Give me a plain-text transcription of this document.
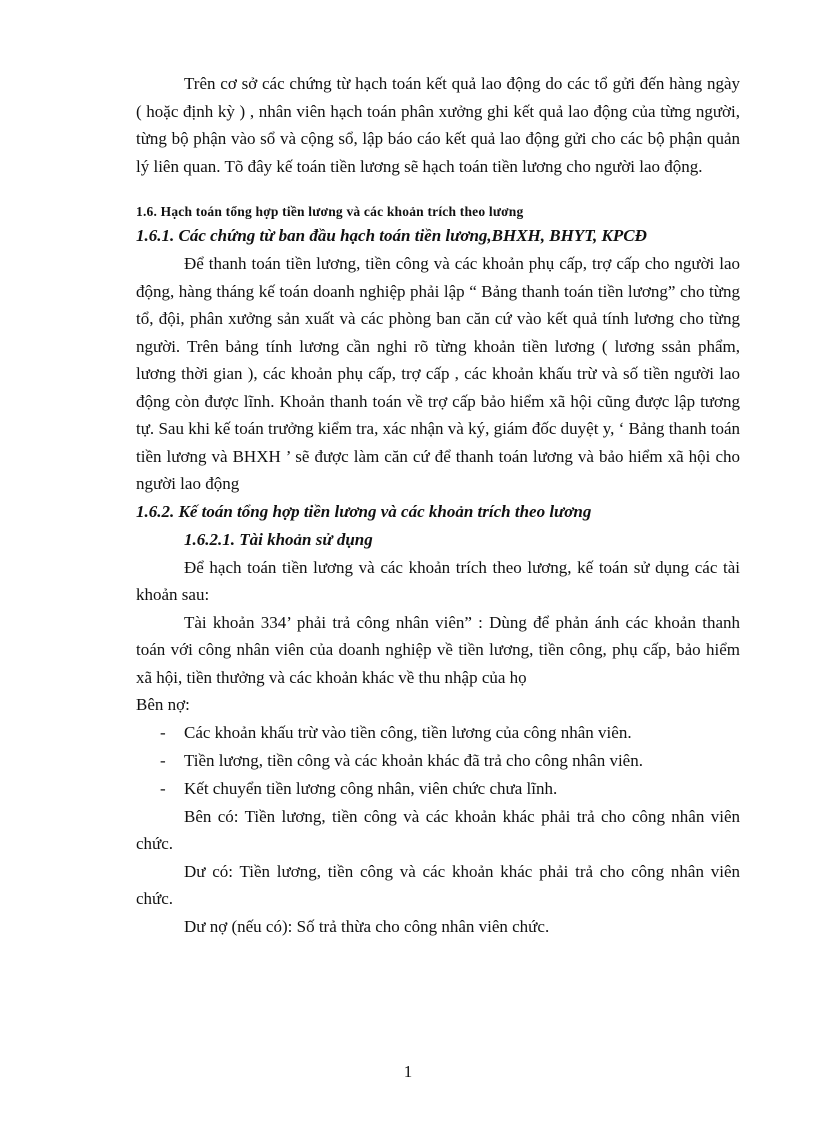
Trên cơ sở các chứng từ hạch toán kết quả lao động do các tổ gửi đến hàng ngày ( hoặc định kỳ ) , nhân viên hạch toán phân xưởng ghi kết quả lao động của từng người, từng bộ phận vào sổ và cộng sổ, lập báo cáo kết quả lao động gửi cho các bộ phận quản lý liên quan. Tõ đây kế toán tiền lương sẽ hạch toán tiền lương cho người lao động.

1.6. Hạch toán tổng hợp tiền lương và các khoản trích theo lương

1.6.1. Các chứng từ ban đầu hạch toán tiền lương,BHXH, BHYT, KPCĐ

Để thanh toán tiền lương, tiền công và các khoản phụ cấp, trợ cấp cho người lao động, hàng tháng kế toán doanh nghiệp phải lập “ Bảng thanh toán tiền lương” cho từng tổ, đội, phân xưởng sản xuất và các phòng ban căn cứ vào kết quả tính lương cho từng người. Trên bảng tính lương cần nghi rõ từng khoản tiền lương ( lương ssản phẩm, lương thời gian ), các khoản phụ cấp, trợ cấp , các khoản khấu trừ và số tiền người lao động còn được lĩnh. Khoản thanh toán về trợ cấp bảo hiểm xã hội cũng được lập tương tự. Sau khi kế toán trưởng kiểm tra, xác nhận và ký, giám đốc duyệt y, ‘ Bảng thanh toán tiền lương và BHXH ’ sẽ được làm căn cứ để thanh toán lương và bảo hiểm xã hội cho người lao động

1.6.2. Kế toán tổng hợp tiền lương và các khoản trích theo lương

1.6.2.1. Tài khoản sử dụng

Để hạch toán tiền lương và các khoản trích theo lương, kế toán sử dụng các tài khoản sau:

Tài khoản 334’ phải trả công nhân viên” : Dùng để phản ánh các khoản thanh toán với công nhân viên của doanh nghiệp về tiền lương, tiền công, phụ cấp, bảo hiểm xã hội, tiền thưởng và các khoản khác về thu nhập của họ

Bên nợ:

- Các khoản khấu trừ vào tiền công, tiền lương của công nhân viên.
- Tiền lương, tiền công và các khoản khác đã trả cho công nhân viên.
- Kết chuyển tiền lương công nhân, viên chức chưa lĩnh.

Bên có: Tiền lương, tiền công và các khoản khác phải trả cho công nhân viên chức.

Dư có: Tiền lương, tiền công và các khoản khác phải trả cho công nhân viên chức.

Dư nợ (nếu có): Số trả thừa cho công nhân viên chức.

1
